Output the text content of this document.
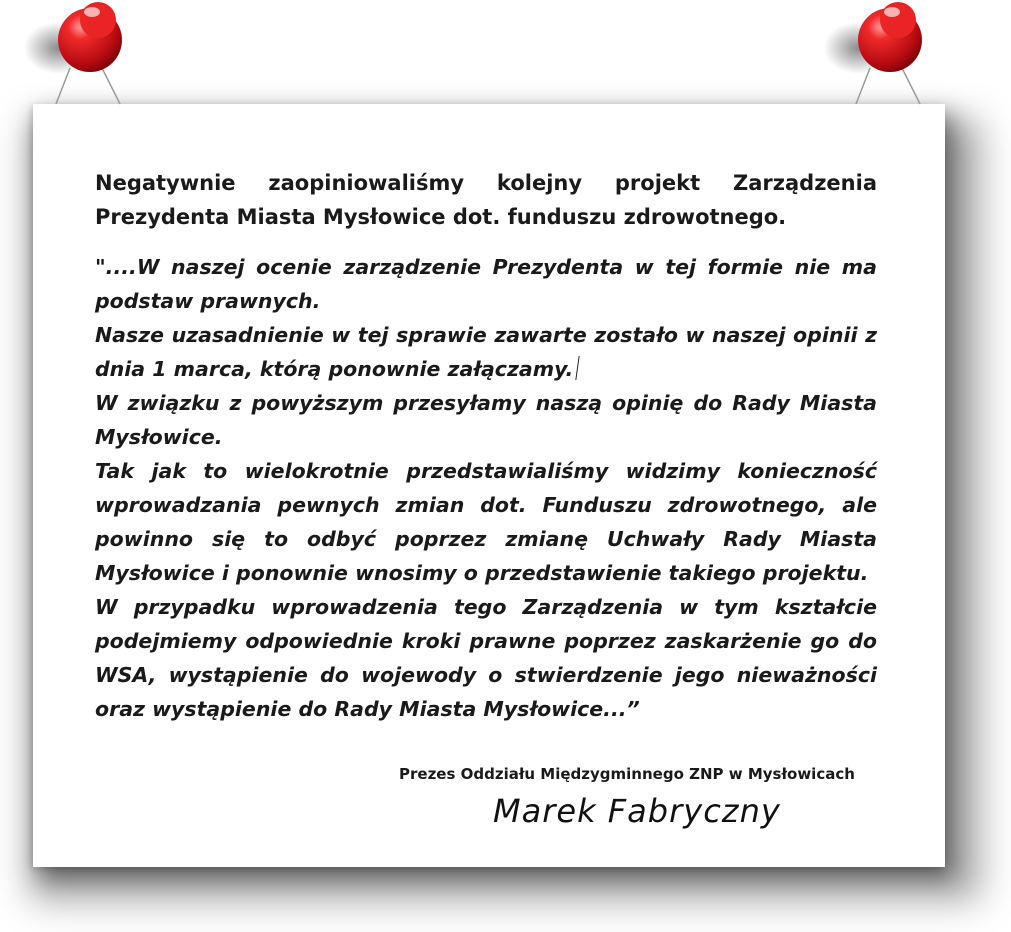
Negatywnie zaopiniowaliśmy kolejny projekt Zarządzenia Prezydenta Miasta Mysłowice dot. funduszu zdrowotnego.

"....W naszej ocenie zarządzenie Prezydenta w tej formie nie ma podstaw prawnych.

Nasze uzasadnienie w tej sprawie zawarte zostało w naszej opinii z dnia 1 marca, którą ponownie załączamy.

W związku z powyższym przesyłamy naszą opinię do Rady Miasta Mysłowice.

Tak jak to wielokrotnie przedstawialiśmy widzimy konieczność wprowadzania pewnych zmian dot. Funduszu zdrowotnego, ale powinno się to odbyć poprzez zmianę Uchwały Rady Miasta Mysłowice i ponownie wnosimy o przedstawienie takiego projektu.

W przypadku wprowadzenia tego Zarządzenia w tym kształcie podejmiemy odpowiednie kroki prawne poprzez zaskarżenie go do WSA, wystąpienie do wojewody o stwierdzenie jego nieważności oraz wystąpienie do Rady Miasta Mysłowice...”

Prezes Oddziału Międzygminnego ZNP w Mysłowicach
Marek Fabryczny
